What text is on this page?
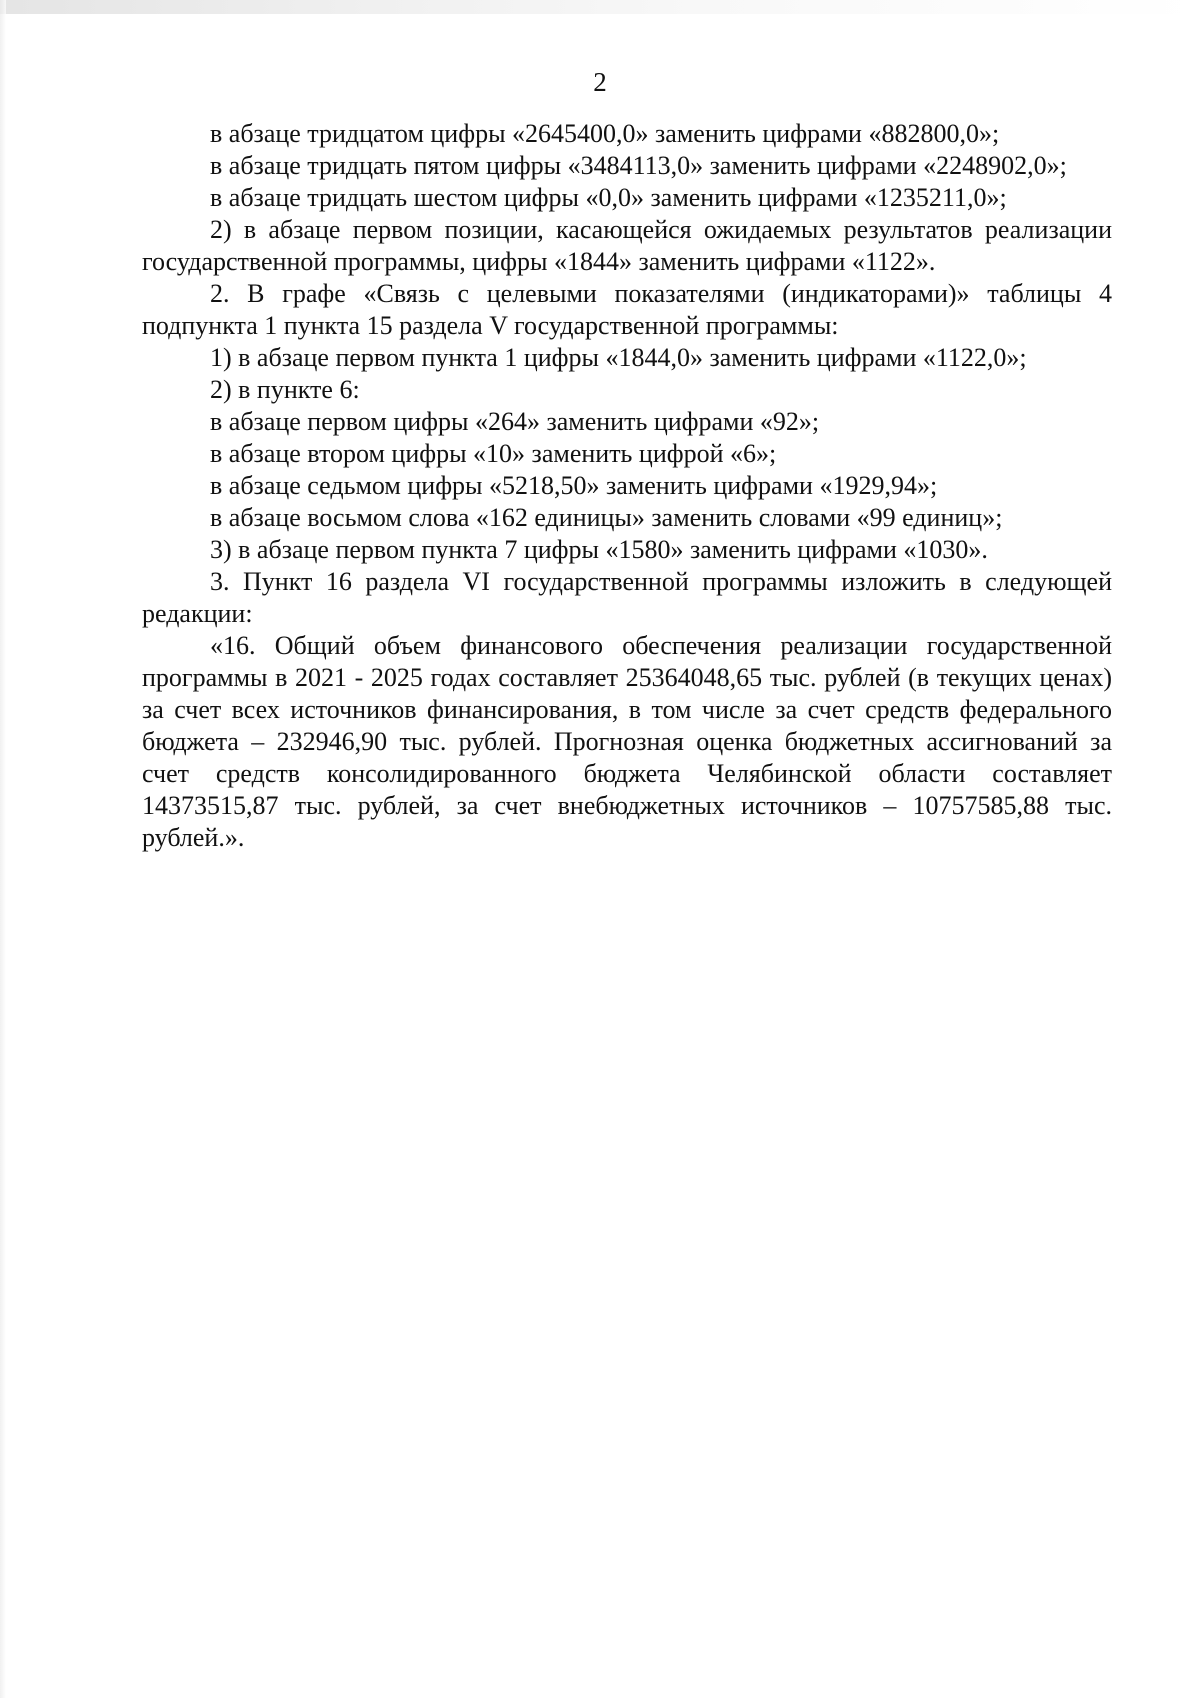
2

в абзаце тридцатом цифры «2645400,0» заменить цифрами «882800,0»;

в абзаце тридцать пятом цифры «3484113,0» заменить цифрами «2248902,0»;

в абзаце тридцать шестом цифры «0,0» заменить цифрами «1235211,0»;

2) в абзаце первом позиции, касающейся ожидаемых результатов реализации государственной программы, цифры «1844» заменить цифрами «1122».

2. В графе «Связь с целевыми показателями (индикаторами)» таблицы 4 подпункта 1 пункта 15 раздела V государственной программы:

1) в абзаце первом пункта 1 цифры «1844,0» заменить цифрами «1122,0»;

2) в пункте 6:

в абзаце первом цифры «264» заменить цифрами «92»;

в абзаце втором цифры «10» заменить цифрой «6»;

в абзаце седьмом цифры «5218,50» заменить цифрами «1929,94»;

в абзаце восьмом слова «162 единицы» заменить словами «99 единиц»;

3) в абзаце первом пункта 7 цифры «1580» заменить цифрами «1030».

3. Пункт 16 раздела VI государственной программы изложить в следующей редакции:

«16. Общий объем финансового обеспечения реализации государственной программы в 2021 - 2025 годах составляет 25364048,65 тыс. рублей (в текущих ценах) за счет всех источников финансирования, в том числе за счет средств федерального бюджета – 232946,90 тыс. рублей. Прогнозная оценка бюджетных ассигнований за счет средств консолидированного бюджета Челябинской области составляет 14373515,87 тыс. рублей, за счет внебюджетных источников – 10757585,88 тыс. рублей.».
